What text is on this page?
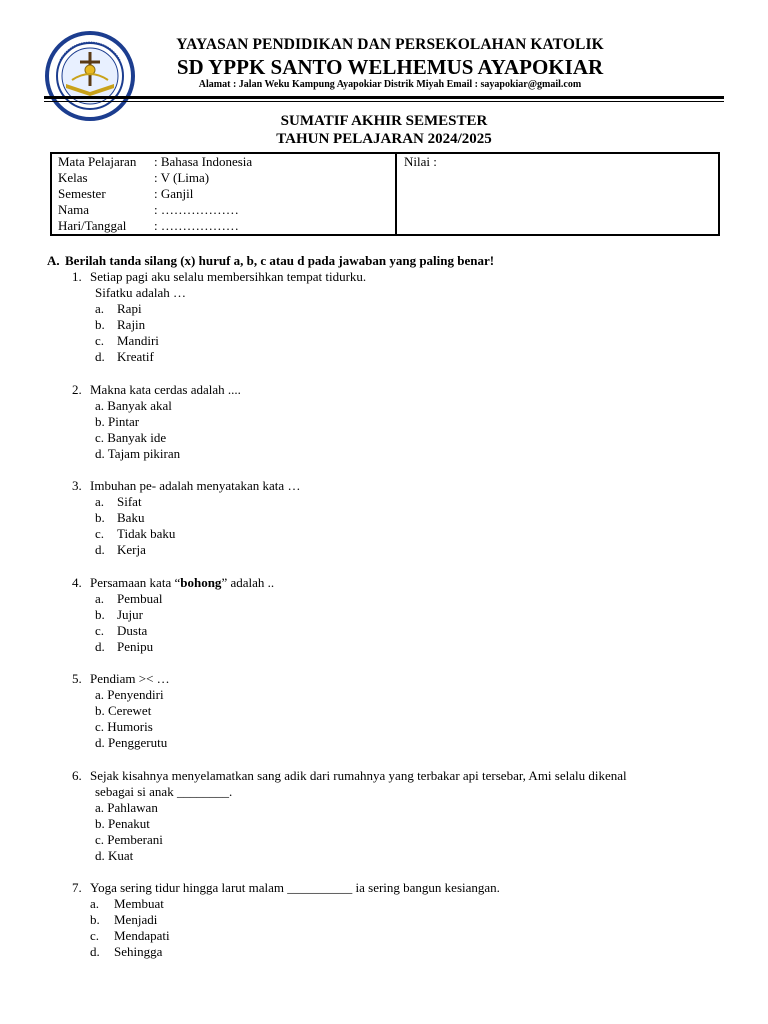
YAYASAN PENDIDIKAN DAN PERSEKOLAHAN KATOLIK
SD YPPK SANTO WELHEMUS AYAPOKIAR
Alamat : Jalan Weku Kampung Ayapokiar Distrik Miyah Email : sayapokiar@gmail.com
SUMATIF AKHIR SEMESTER
TAHUN PELAJARAN 2024/2025
Mata Pelajaran : Bahasa Indonesia
Kelas	: V (Lima)
Semester	: Ganjil
Nama	: ………………
Hari/Tanggal : ………………
Nilai :
A. Berilah tanda silang (x) huruf a, b, c atau d pada jawaban yang paling benar!
1. Setiap pagi aku selalu membersihkan tempat tidurku.
Sifatku adalah …
a. Rapi
b. Rajin
c. Mandiri
d. Kreatif
2. Makna kata cerdas adalah ....
a. Banyak akal
b. Pintar
c. Banyak ide
d. Tajam pikiran
3. Imbuhan pe- adalah menyatakan kata …
a. Sifat
b. Baku
c. Tidak baku
d. Kerja
4. Persamaan kata “bohong” adalah ..
a. Pembual
b. Jujur
c. Dusta
d. Penipu
5. Pendiam >< …
a. Penyendiri
b. Cerewet
c. Humoris
d. Penggerutu
6. Sejak kisahnya menyelamatkan sang adik dari rumahnya yang terbakar api tersebar, Ami selalu dikenal
sebagai si anak ________.
a. Pahlawan
b. Penakut
c. Pemberani
d. Kuat
7. Yoga sering tidur hingga larut malam __________ ia sering bangun kesiangan.
a. Membuat
b. Menjadi
c. Mendapati
d. Sehingga
